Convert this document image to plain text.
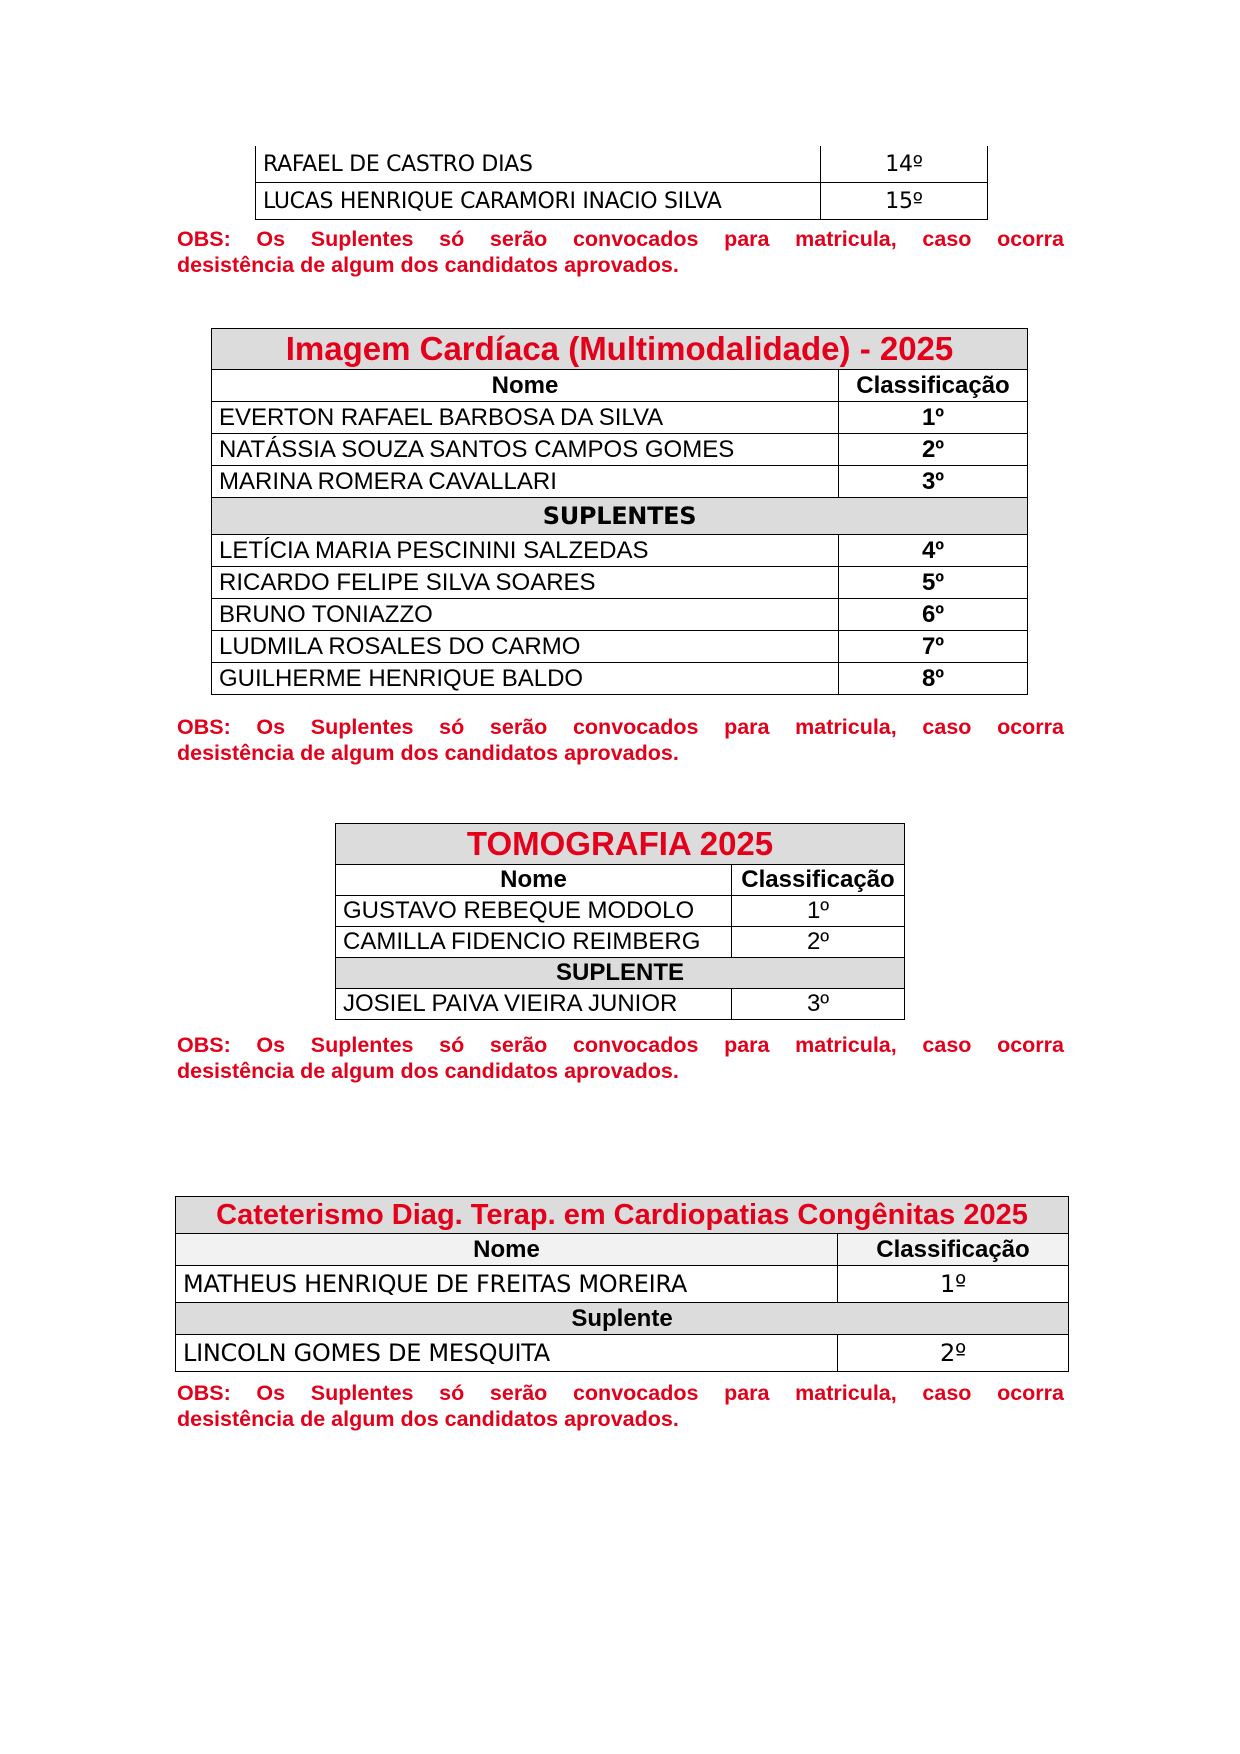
RAFAEL DE CASTRO DIAS	14º
LUCAS HENRIQUE CARAMORI INACIO SILVA	15º
OBS: Os Suplentes só serão convocados para matricula, caso ocorra
desistência de algum dos candidatos aprovados.
Imagem Cardíaca (Multimodalidade) - 2025	
Nome	Classificação
EVERTON RAFAEL BARBOSA DA SILVA	1º
NATÁSSIA SOUZA SANTOS CAMPOS GOMES	2º
MARINA ROMERA CAVALLARI	3º
SUPLENTES	
LETÍCIA MARIA PESCININI SALZEDAS	4º
RICARDO FELIPE SILVA SOARES	5º
BRUNO TONIAZZO	6º
LUDMILA ROSALES DO CARMO	7º
GUILHERME HENRIQUE BALDO	8º
OBS: Os Suplentes só serão convocados para matricula, caso ocorra
desistência de algum dos candidatos aprovados.
TOMOGRAFIA 2025	
Nome	Classificação
GUSTAVO REBEQUE MODOLO	1º
CAMILLA FIDENCIO REIMBERG	2º
SUPLENTE	
JOSIEL PAIVA VIEIRA JUNIOR	3º
OBS: Os Suplentes só serão convocados para matricula, caso ocorra
desistência de algum dos candidatos aprovados.
Cateterismo Diag. Terap. em Cardiopatias Congênitas 2025	
Nome	Classificação
MATHEUS HENRIQUE DE FREITAS MOREIRA	1º
Suplente	
LINCOLN GOMES DE MESQUITA	2º
OBS: Os Suplentes só serão convocados para matricula, caso ocorra
desistência de algum dos candidatos aprovados.
